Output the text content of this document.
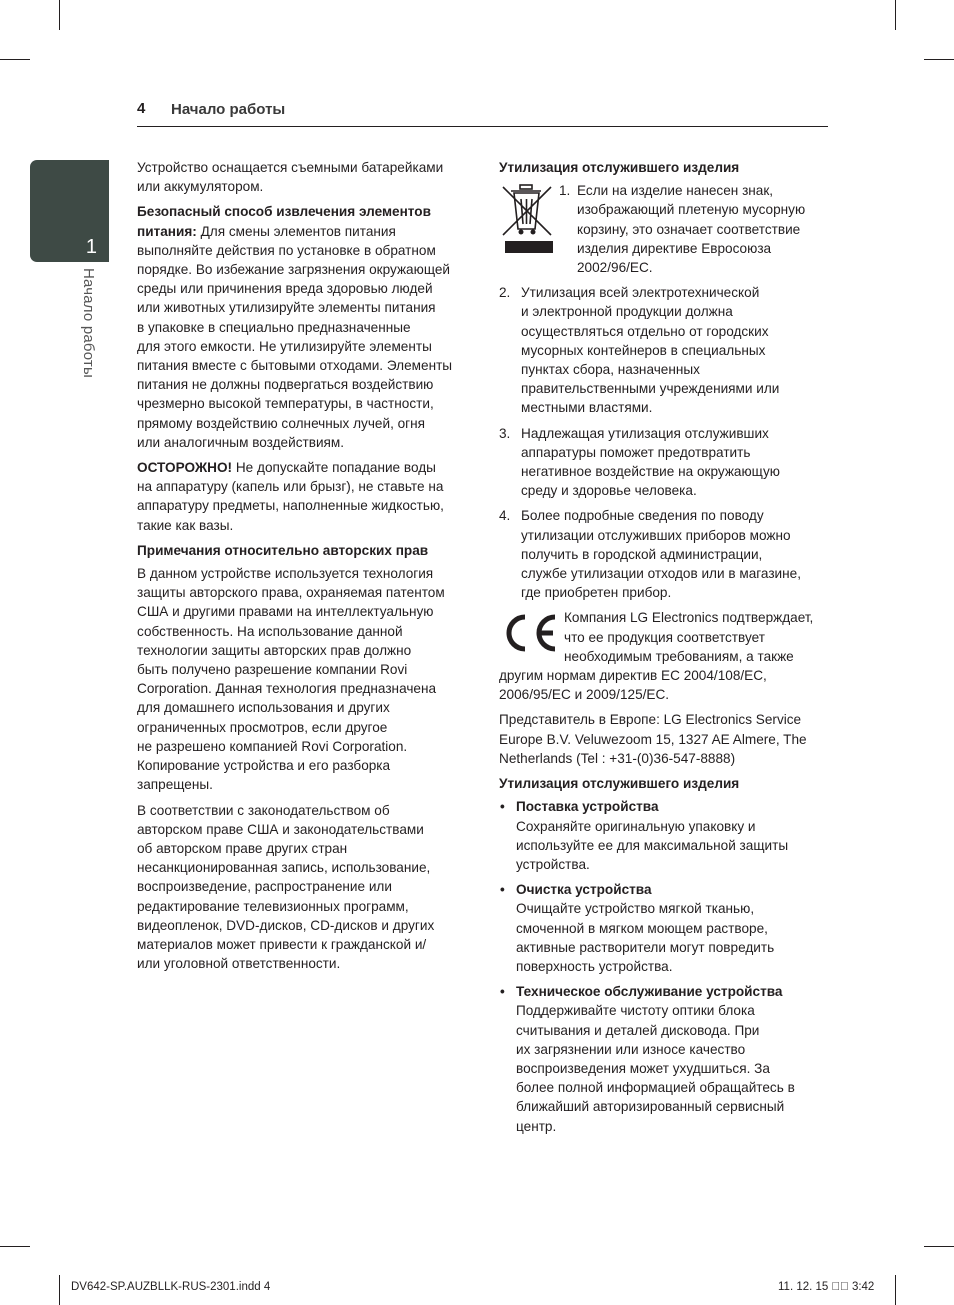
4 Начало работы
1
Начало работы

Устройство оснащается съемными батарейками
или аккумулятором.

Безопасный способ извлечения элементов
питания: Для смены элементов питания
выполняйте действия по установке в обратном
порядке. Во избежание загрязнения окружающей
среды или причинения вреда здоровью людей
или животных утилизируйте элементы питания
в упаковке в специально предназначенные
для этого емкости. Не утилизируйте элементы
питания вместе с бытовыми отходами. Элементы
питания не должны подвергаться воздействию
чрезмерно высокой температуры, в частности,
прямому воздействию солнечных лучей, огня
или аналогичным воздействиям.

ОСТОРОЖНО! Не допускайте попадание воды
на аппаратуру (капель или брызг), не ставьте на
аппаратуру предметы, наполненные жидкостью,
такие как вазы.

Примечания относительно авторских прав

В данном устройстве используется технология
защиты авторского права, охраняемая патентом
США и другими правами на интеллектуальную
собственность. На использование данной
технологии защиты авторских прав должно
быть получено разрешение компании Rovi
Corporation. Данная технология предназначена
для домашнего использования и других
ограниченных просмотров, если другое
не разрешено компанией Rovi Corporation.
Копирование устройства и его разборка
запрещены.

В соответствии с законодательством об
авторском праве США и законодательствами
об авторском праве других стран
несанкционированная запись, использование,
воспроизведение, распространение или
редактирование телевизионных программ,
видеопленок, DVD-дисков, CD-дисков и других
материалов может привести к гражданской и/
или уголовной ответственности.

Утилизация отслужившего изделия

1. Если на изделие нанесен знак,
изображающий плетеную мусорную
корзину, это означает соответствие
изделия директиве Евросоюза
2002/96/EC.
2. Утилизация всей электротехнической
и электронной продукции должна
осуществляться отдельно от городских
мусорных контейнеров в специальных
пунктах сбора, назначенных
правительственными учреждениями или
местными властями.
3. Надлежащая утилизация отслуживших
аппаратуры поможет предотвратить
негативное воздействие на окружающую
среду и здоровье человека.
4. Более подробные сведения по поводу
утилизации отслуживших приборов можно
получить в городской администрации,
службе утилизации отходов или в магазине,
где приобретен прибор.
Компания LG Electronics подтверждает,
что ее продукция соответствует
необходимым требованиям, а также
другим нормам директив EC 2004/108/EC,
2006/95/EC и 2009/125/EC.

Представитель в Европе: LG Electronics Service
Europe B.V. Veluwezoom 15, 1327 AE Almere, The
Netherlands (Tel : +31-(0)36-547-8888)

Утилизация отслужившего изделия

• Поставка устройства
Сохраняйте оригинальную упаковку и
используйте ее для максимальной защиты
устройства.
• Очистка устройства
Очищайте устройство мягкой тканью,
смоченной в мягком моющем растворе,
активные растворители могут повредить
поверхность устройства.
• Техническое обслуживание устройства
Поддерживайте чистоту оптики блока
считывания и деталей дисковода. При
их загрязнении или износе качество
воспроизведения может ухудшиться. За
более полной информацией обращайтесь в
ближайший авторизированный сервисный
центр.
DV642-SP.AUZBLLK-RUS-2301.indd 4	11. 12. 15 ￿￿ 3:42
